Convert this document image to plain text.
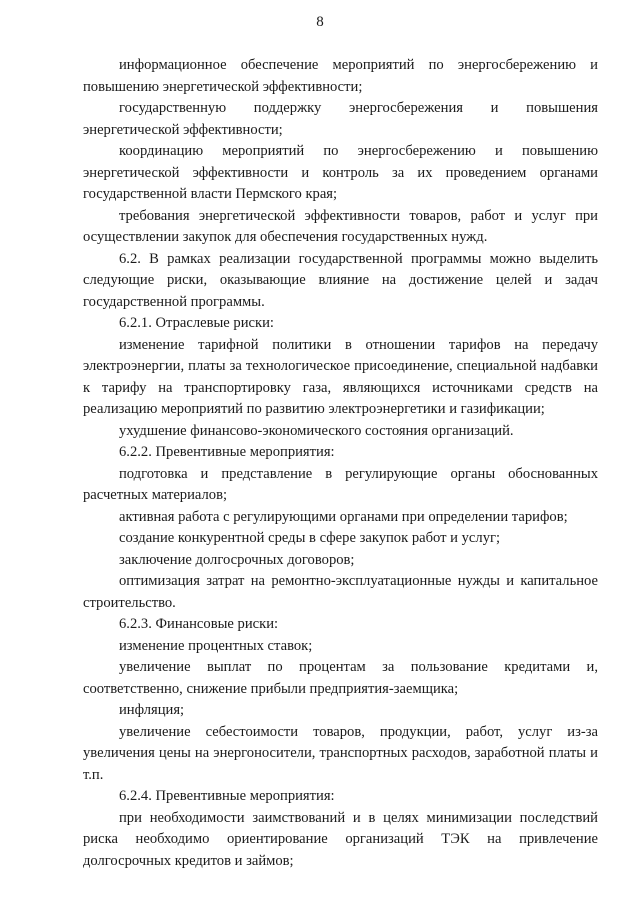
8

информационное обеспечение мероприятий по энергосбережению и повышению энергетической эффективности;

государственную поддержку энергосбережения и повышения энергетической эффективности;

координацию мероприятий по энергосбережению и повышению энергетической эффективности и контроль за их проведением органами государственной власти Пермского края;

требования энергетической эффективности товаров, работ и услуг при осуществлении закупок для обеспечения государственных нужд.

6.2. В рамках реализации государственной программы можно выделить следующие риски, оказывающие влияние на достижение целей и задач государственной программы.

6.2.1. Отраслевые риски:

изменение тарифной политики в отношении тарифов на передачу электроэнергии, платы за технологическое присоединение, специальной надбавки к тарифу на транспортировку газа, являющихся источниками средств на реализацию мероприятий по развитию электроэнергетики и газификации;

ухудшение финансово-экономического состояния организаций.

6.2.2. Превентивные мероприятия:

подготовка и представление в регулирующие органы обоснованных расчетных материалов;

активная работа с регулирующими органами при определении тарифов;

создание конкурентной среды в сфере закупок работ и услуг;

заключение долгосрочных договоров;

оптимизация затрат на ремонтно-эксплуатационные нужды и капитальное строительство.

6.2.3. Финансовые риски:

изменение процентных ставок;

увеличение выплат по процентам за пользование кредитами и, соответственно, снижение прибыли предприятия-заемщика;

инфляция;

увеличение себестоимости товаров, продукции, работ, услуг из-за увеличения цены на энергоносители, транспортных расходов, заработной платы и т.п.

6.2.4. Превентивные мероприятия:

при необходимости заимствований и в целях минимизации последствий риска необходимо ориентирование организаций ТЭК на привлечение долгосрочных кредитов и займов;
